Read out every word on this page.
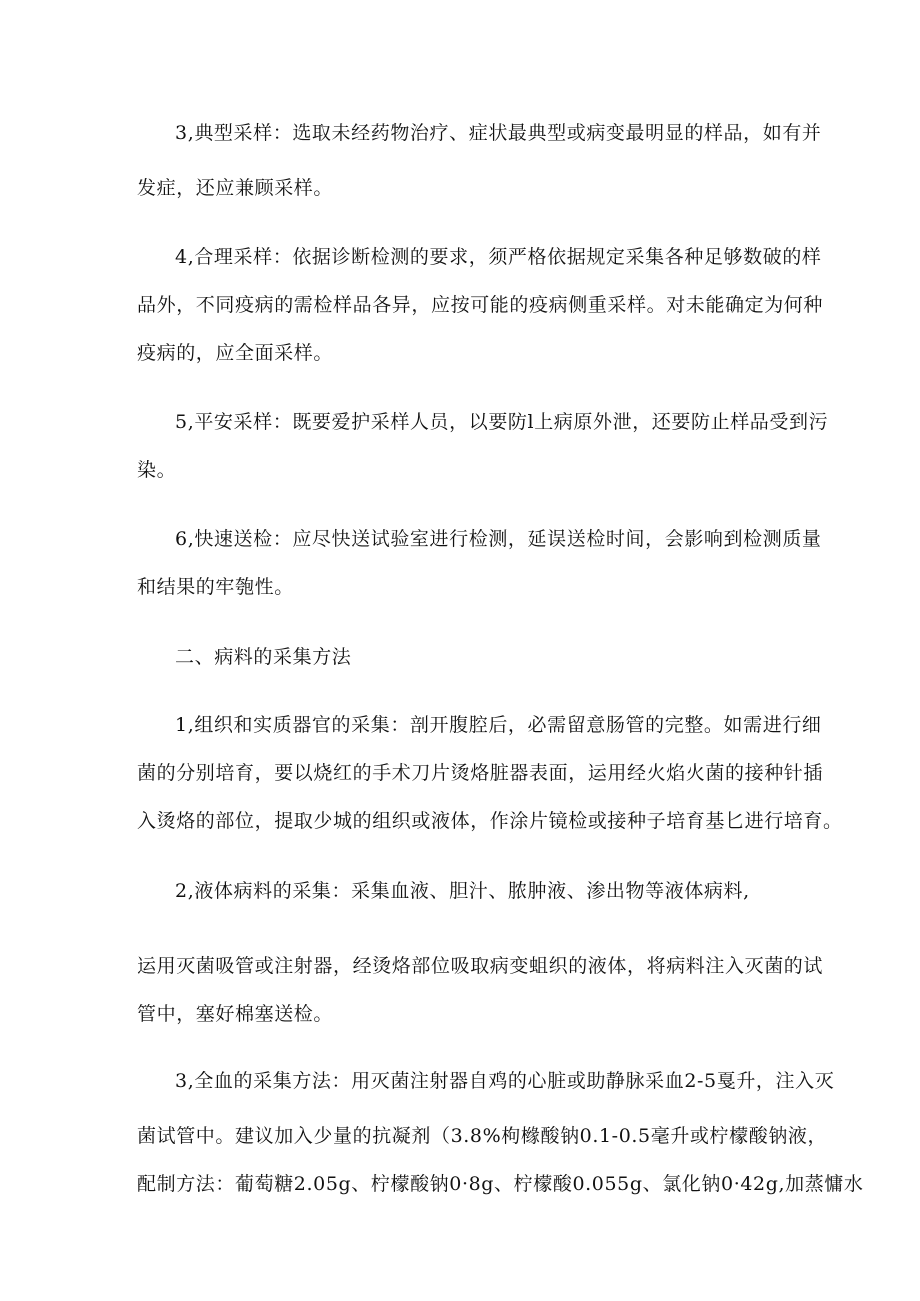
3,典型采样：选取未经药物治疗、症状最典型或病变最明显的样品，如有并
发症，还应兼顾采样。
4,合理采样：依据诊断检测的要求，须严格依据规定采集各种足够数破的样
品外，不同疫病的需检样品各异，应按可能的疫病侧重采样。对未能确定为何种
疫病的，应全面采样。
5,平安采样：既要爱护采样人员，以要防l上病原外泄，还要防止样品受到污
染。
6,快速送检：应尽快送试验室进行检测，延误送检时间，会影响到检测质量
和结果的牢匏性。
二、病料的采集方法
1,组织和实质器官的采集：剖开腹腔后，必需留意肠管的完整。如需进行细
菌的分别培育，要以烧红的手术刀片烫烙脏器表面，运用经火焰火菌的接种针插
入烫烙的部位，提取少城的组织或液体，作涂片镜检或接种子培育基匕进行培育。
2,液体病料的采集：采集血液、胆汁、脓肿液、渗出物等液体病料,
运用灭菌吸管或注射器，经烫烙部位吸取病变蛆织的液体，将病料注入灭菌的试
管中，塞好棉塞送检。
3,全血的采集方法：用灭菌注射器自鸡的心脏或助静脉采血2-5戛升，注入灭
菌试管中。建议加入少量的抗凝剂（3.8%枸橼酸钠0.1-0.5毫升或柠檬酸钠液，
配制方法：葡萄糖2.05g、柠檬酸钠0·8g、柠檬酸0.055g、氯化钠0·42g,加蒸慵水
